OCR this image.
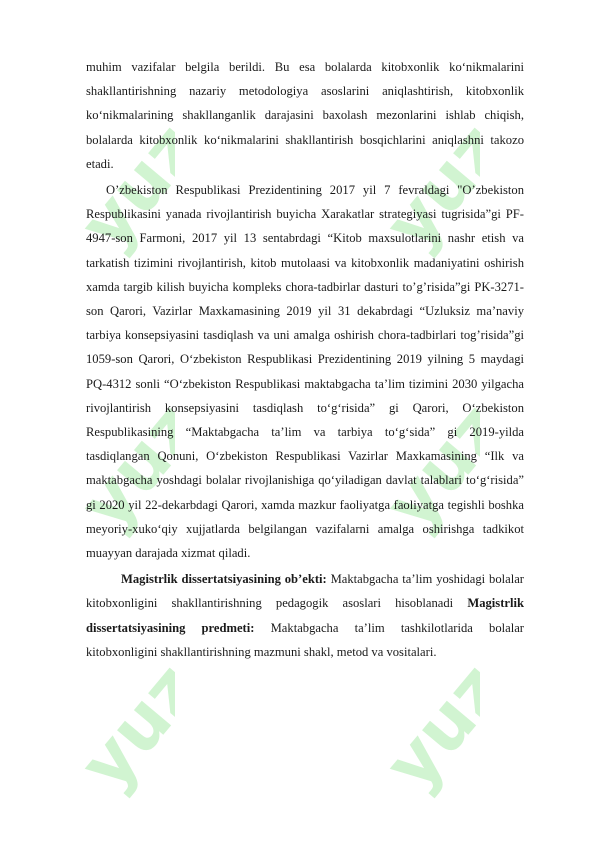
yuz yuz
yuz yuz
yuz yuz

muhim vazifalar belgila berildi. Bu esa bolalarda kitobxonlik koʻnikmalarini shakllantirishning nazariy metodologiya asoslarini aniqlashtirish, kitobxonlik koʻnikmalarining shakllanganlik darajasini baxolash mezonlarini ishlab chiqish, bolalarda kitobxonlik koʻnikmalarini shakllantirish bosqichlarini aniqlashni takozo etadi.

O’zbekiston Respublikasi Prezidentining 2017 yil 7 fevraldagi "O’zbekiston Respublikasini yanada rivojlantirish buyicha Xarakatlar strategiyasi tugrisida”gi PF-4947-son Farmoni, 2017 yil 13 sentabrdagi “Kitob maxsulotlarini nashr etish va tarkatish tizimini rivojlantirish, kitob mutolaasi va kitobxonlik madaniyatini oshirish xamda targib kilish buyicha kompleks chora-tadbirlar dasturi to’g’risida”gi PK-3271-son Qarori, Vazirlar Maxkamasining 2019 yil 31 dekabrdagi “Uzluksiz ma’naviy tarbiya konsepsiyasini tasdiqlash va uni amalga oshirish chora-tadbirlari tog’risida”gi 1059-son Qarori, Oʻzbekiston Respublikasi Prezidentining 2019 yilning 5 maydagi PQ-4312 sonli “Oʻzbekiston Respublikasi maktabgacha ta’lim tizimini 2030 yilgacha rivojlantirish konsepsiyasini tasdiqlash toʻgʻrisida” gi Qarori, Oʻzbekiston Respublikasining “Maktabgacha ta’lim va tarbiya toʻgʻsida” gi 2019-yilda tasdiqlangan Qonuni, Oʻzbekiston Respublikasi Vazirlar Maxkamasining “Ilk va maktabgacha yoshdagi bolalar rivojlanishiga qoʻyiladigan davlat talablari toʻgʻrisida” gi 2020 yil 22-dekarbdagi Qarori, xamda mazkur faoliyatga faoliyatga tegishli boshka meyoriy-xukoʻqiy xujjatlarda belgilangan vazifalarni amalga oshirishga tadkikot muayyan darajada xizmat qiladi.

Magistrlik dissertatsiyasining ob’ekti: Maktabgacha ta’lim yoshidagi bolalar kitobxonligini shakllantirishning pedagogik asoslari hisoblanadi Magistrlik dissertatsiyasining predmeti: Maktabgacha ta’lim tashkilotlarida bolalar kitobxonligini shakllantirishning mazmuni shakl, metod va vositalari.
